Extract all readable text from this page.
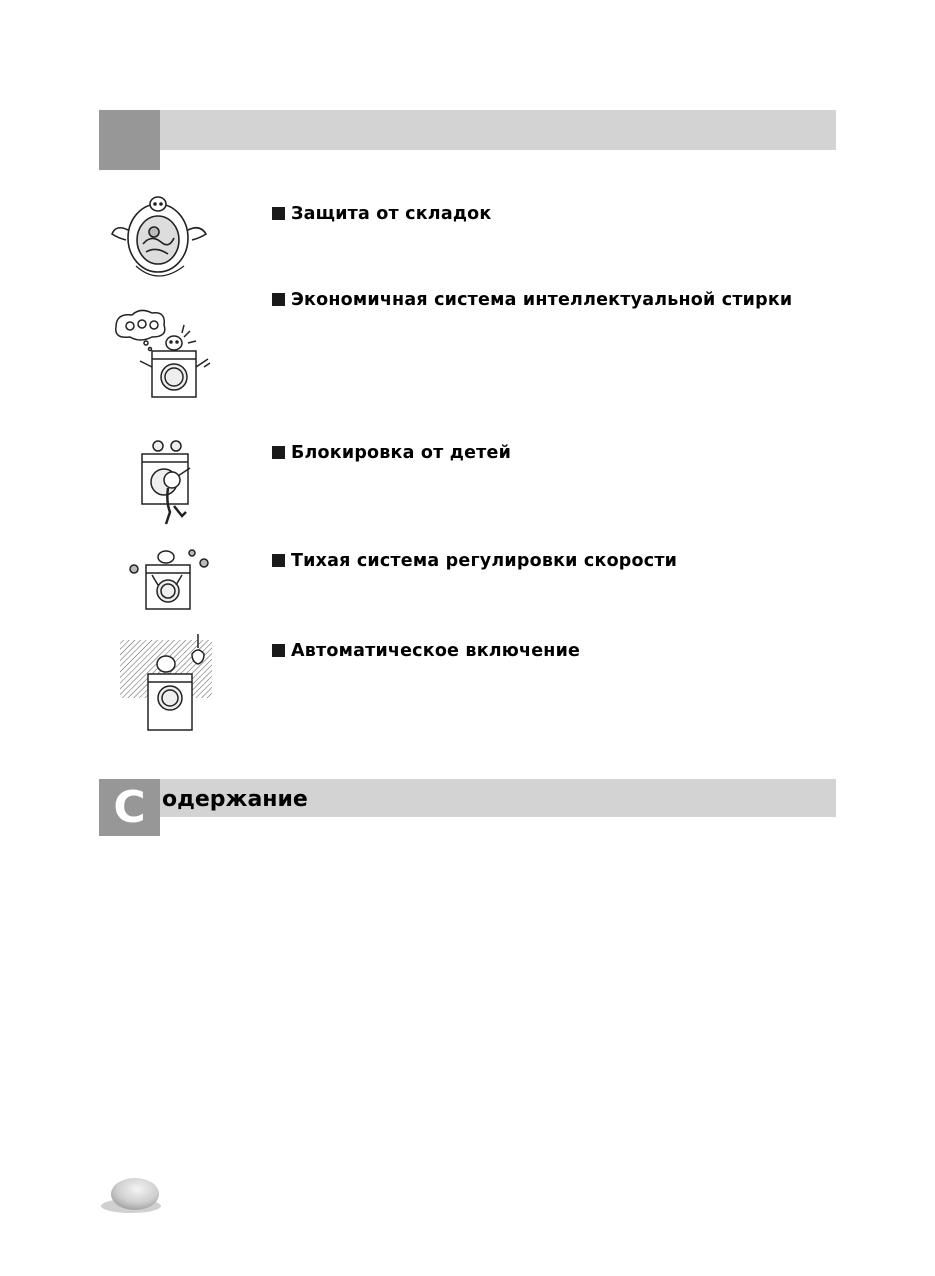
Защита от складок
Экономичная система интеллектуальной стирки
Блокировка от детей
Тихая система регулировки скорости
Автоматическое включение
С одержание
